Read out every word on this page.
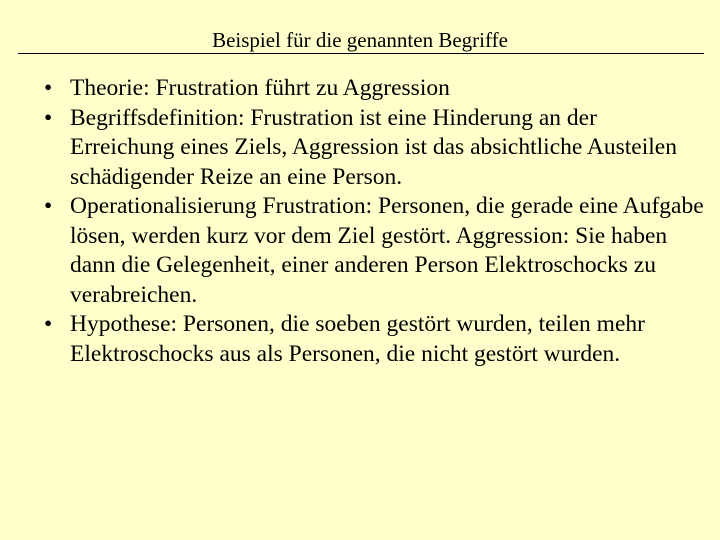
Beispiel für die genannten Begriffe
• Theorie: Frustration führt zu Aggression
• Begriffsdefinition: Frustration ist eine Hinderung an der Erreichung eines Ziels, Aggression ist das absichtliche Austeilen schädigender Reize an eine Person.
• Operationalisierung Frustration: Personen, die gerade eine Aufgabe lösen, werden kurz vor dem Ziel gestört. Aggression: Sie haben dann die Gelegenheit, einer anderen Person Elektroschocks zu verabreichen.
• Hypothese: Personen, die soeben gestört wurden, teilen mehr Elektroschocks aus als Personen, die nicht gestört wurden.
